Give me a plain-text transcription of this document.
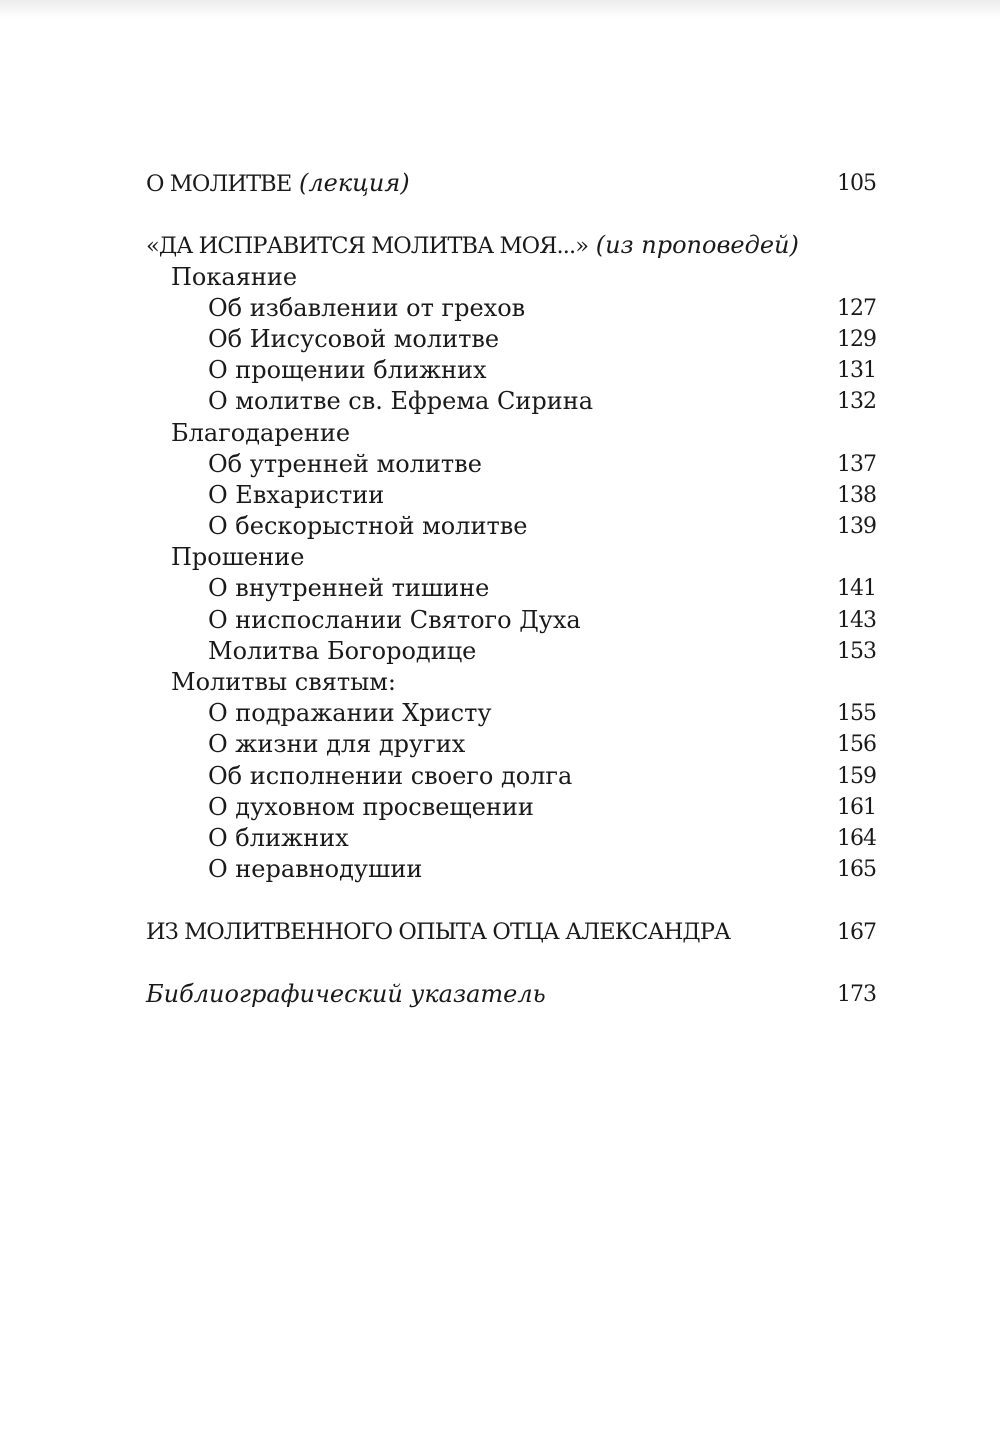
О МОЛИТВЕ (лекция)	105
«ДА ИСПРАВИТСЯ МОЛИТВА МОЯ...» (из проповедей)
Покаяние
Об избавлении от грехов	127
Об Иисусовой молитве	129
О прощении ближних	131
О молитве св. Ефрема Сирина	132
Благодарение
Об утренней молитве	137
О Евхаристии	138
О бескорыстной молитве	139
Прошение
О внутренней тишине	141
О ниспослании Святого Духа	143
Молитва Богородице	153
Молитвы святым:
О подражании Христу	155
О жизни для других	156
Об исполнении своего долга	159
О духовном просвещении	161
О ближних	164
О неравнодушии	165
ИЗ МОЛИТВЕННОГО ОПЫТА ОТЦА АЛЕКСАНДРА	167
Библиографический указатель	173
